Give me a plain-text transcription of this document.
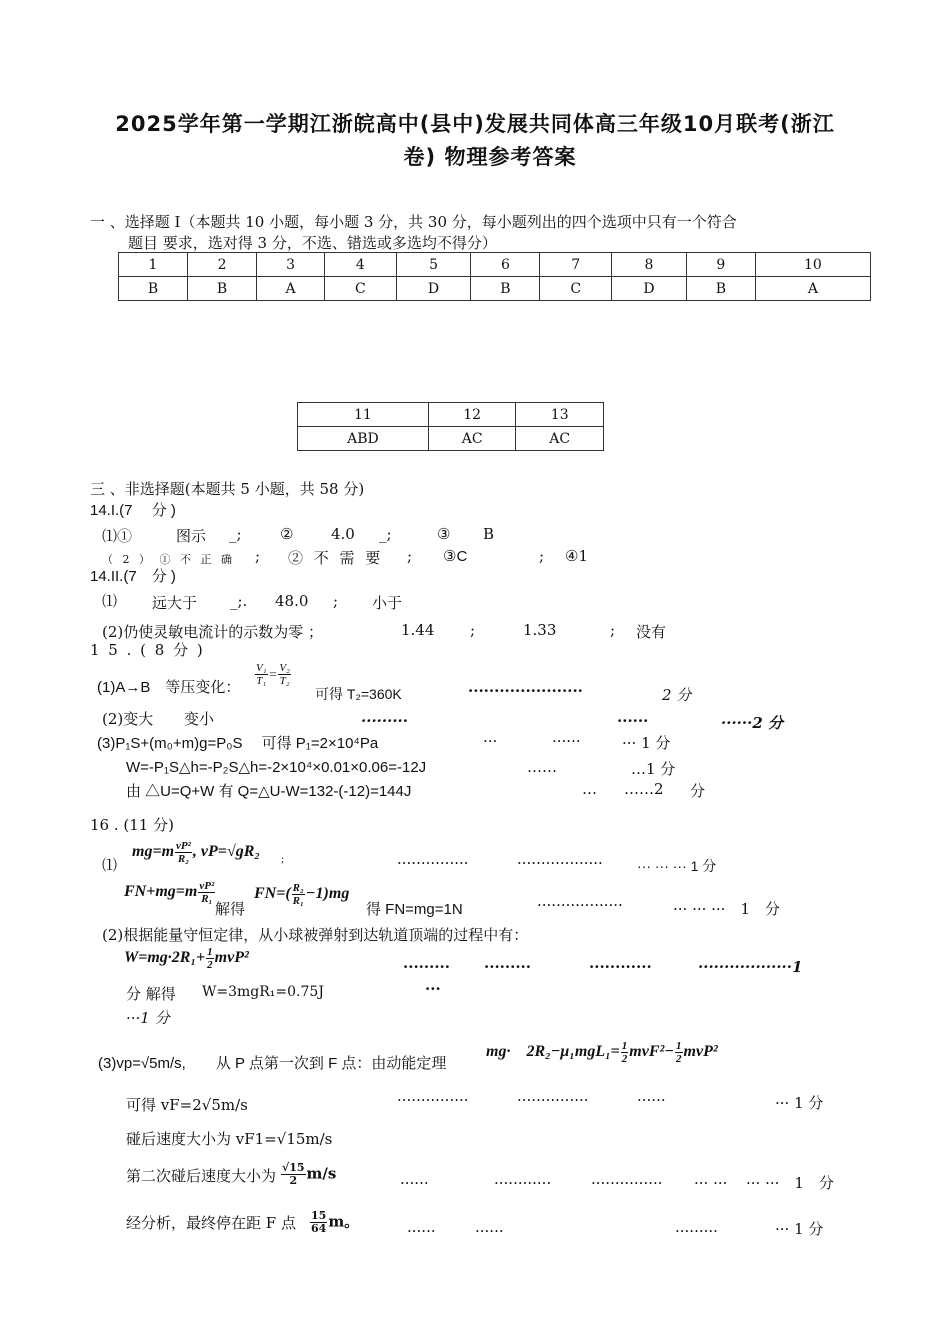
2025学年第一学期江浙皖高中(县中)发展共同体高三年级10月联考(浙江
卷) 物理参考答案
一 、选择题 I（本题共 10 小题，每小题 3 分，共 30 分，每小题列出的四个选项中只有一个符合
题目 要求，选对得 3 分，不选、错选或多选均不得分）
1	2	3	4	5	6	7	8	9	10
B	B	A	C	D	B	C	D	B	A
11	12	13
ABD	AC	AC
三 、非选择题(本题共 5 小题，共 58 分)
14.I.(7　 分 )
⑴①	图示 _;	②	4.0 _;	③ B
（ 2 ） ① 不 正 确 ; ② 不 需 要 ; ③C	; ④1
14.II.(7　分 )
⑴ 远大于 _;. 48.0 ; 小于
(2)仍使灵敏电流计的示数为零 ；	1.44 ;	1.33	; 没有
1 5 . ( 8 分 )
(1)A→B　等压变化：
$\frac{\text{V₁}}{\text{T₁}} = \frac{\text{V₂}}{\text{T₂}}$
可得 T₂=360K	······················	2 分
(2)变大 变小	·········	······	······2 分
(3)P₁S+(m₀+m)g=P₀S　 可得 P₁=2×10⁴Pa	···	······	··· 1 分
W=-P₁S△h=-P₂S△h=-2×10⁴×0.01×0.06=-12J	……	…1 分
由 △U=Q+W 有 Q=△U-W=132-(-12)=144J	… ……2 分
16 . (11 分)
⑴
$mg=m \frac{\text{vP²}}{\text{R₂}}$ , vP=√gR₂ ;	···············	·················· ··· ··· ··· 1 分
$FN+mg=m \frac{\text{vP²}}{\text{R₁}}$
解得
$FN=( \frac{\text{R₂}}{\text{R₁}} -1)mg$
得 FN=mg=1N	··················	··· ··· ···　1　分
(2)根据能量守恒定律，从小球被弹射到达轨道顶端的过程中有：
$W=mg\cdot 2R_1+ \frac{1}{2} mvP^2$
········· ·········	············	··················1
分 解得 W=3mgR₁=0.75J	···
···1 分
(3)vp=√5m/s,　　从 P 点第一次到 F 点：由动能定理
mg·　$2R_2-\mu_1mgL_1= \frac{1}{2} mvF^2- \frac{1}{2} mvP^2$
可得 vF=2√5m/s	···············	···············	······	··· 1 分
碰后速度大小为 vF1=√15m/s
第二次碰后速度大小为 $\frac{√15}{2} m/s$
······	············	··············· ··· ··· ··· ···　1　分
经分析，最终停在距 F 点 $\frac{15}{64}$ m。
······	······	·········	··· 1 分
